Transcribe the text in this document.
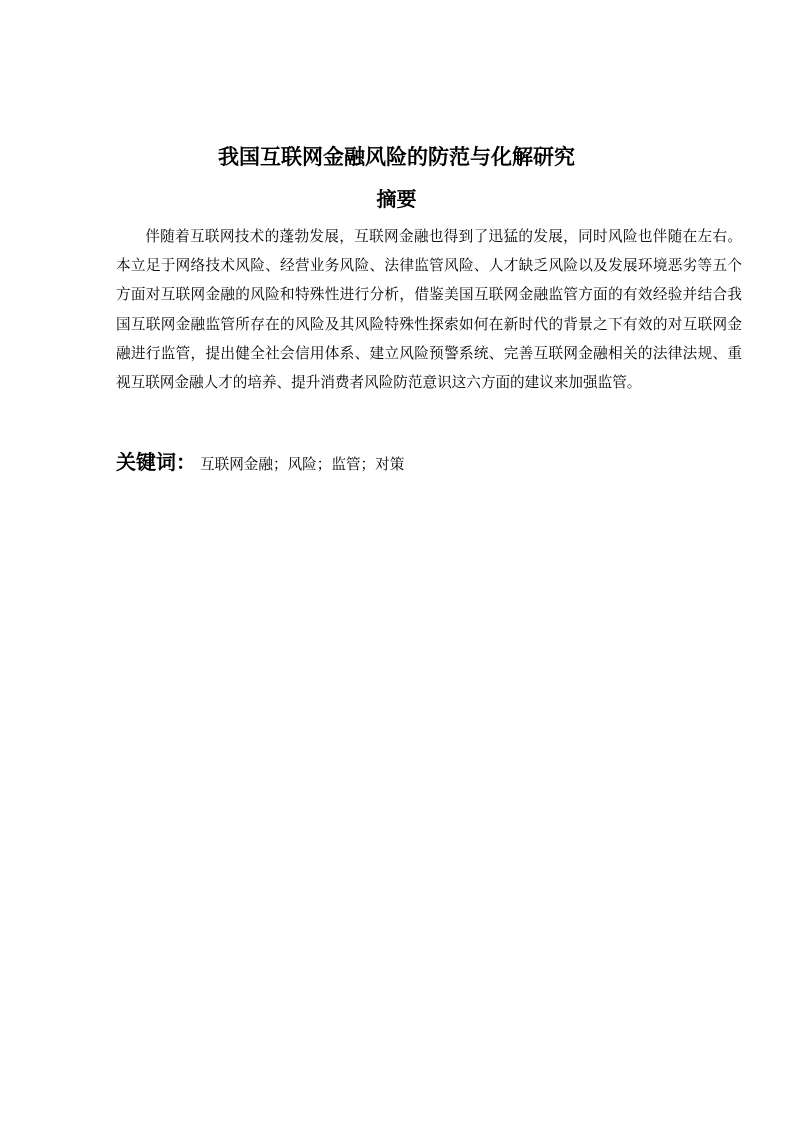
我国互联网金融风险的防范与化解研究
摘要

伴随着互联网技术的蓬勃发展，互联网金融也得到了迅猛的发展，同时风险也伴随在左右。本立足于网络技术风险、经营业务风险、法律监管风险、人才缺乏风险以及发展环境恶劣等五个方面对互联网金融的风险和特殊性进行分析，借鉴美国互联网金融监管方面的有效经验并结合我国互联网金融监管所存在的风险及其风险特殊性探索如何在新时代的背景之下有效的对互联网金融进行监管，提出健全社会信用体系、建立风险预警系统、完善互联网金融相关的法律法规、重视互联网金融人才的培养、提升消费者风险防范意识这六方面的建议来加强监管。

关键词： 互联网金融；风险；监管；对策
